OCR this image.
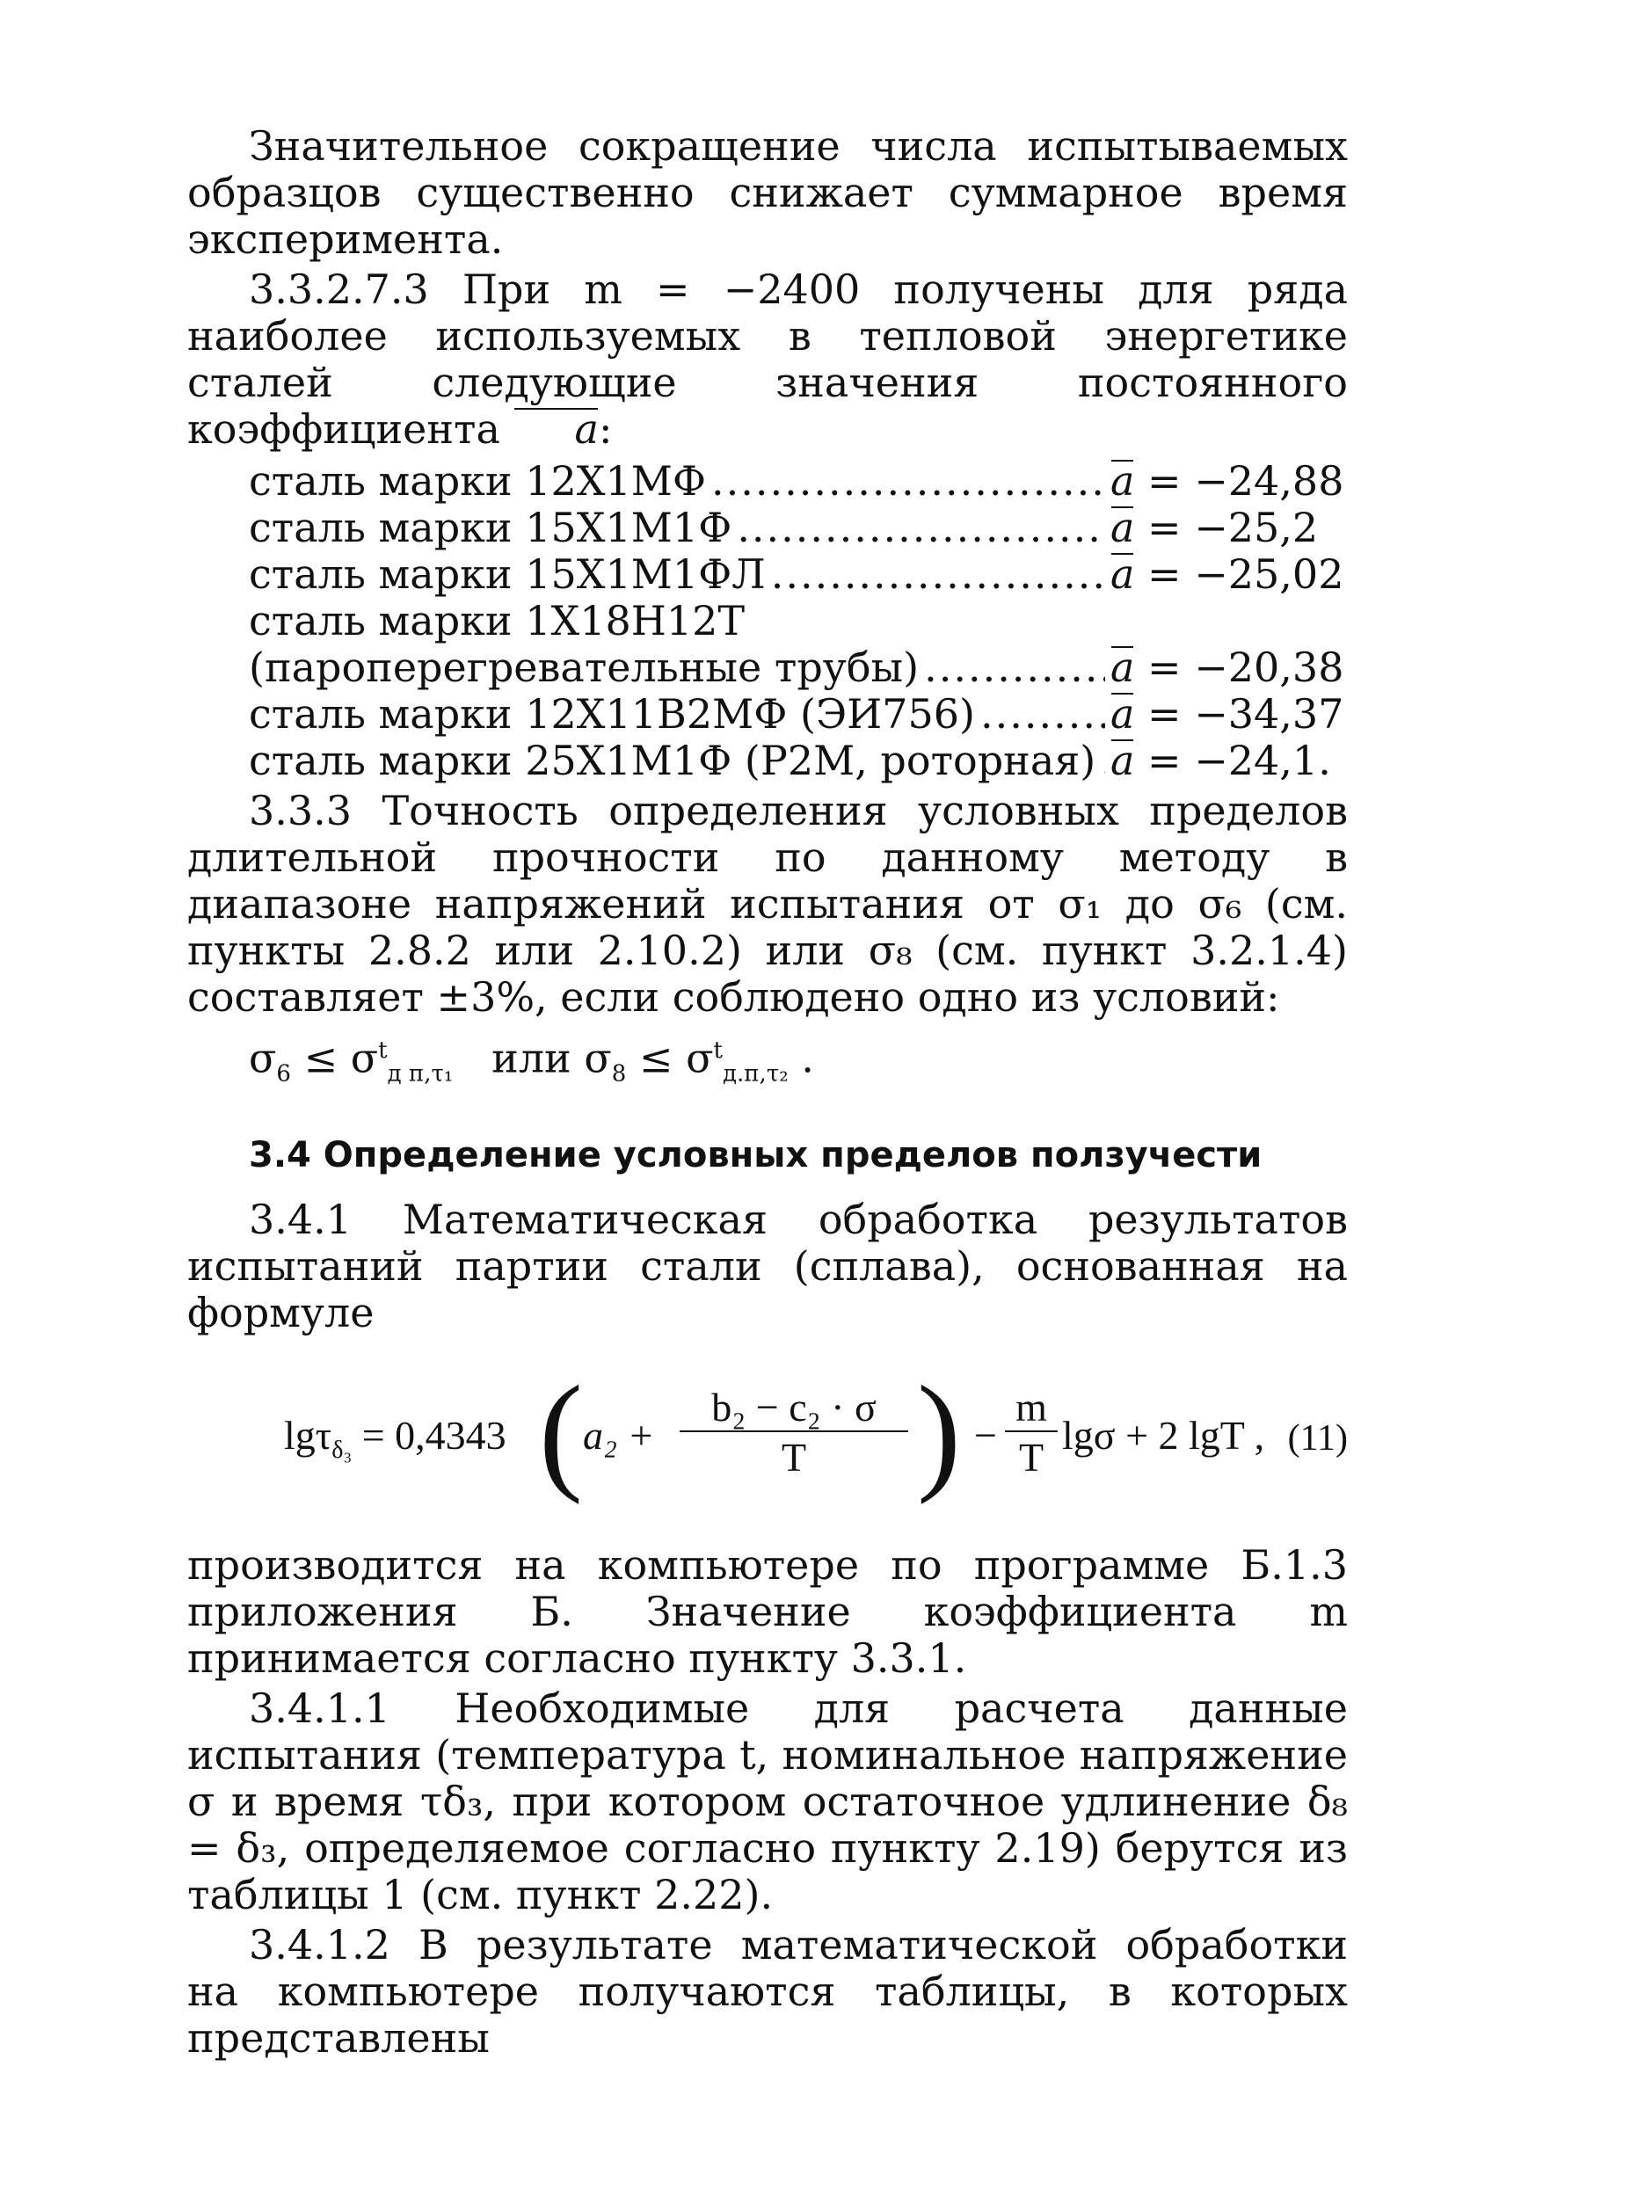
Значительное сокращение числа испытываемых образцов существенно снижает суммарное время эксперимента.

3.3.2.7.3 При m = −2400 получены для ряда наиболее используемых в тепловой энергетике сталей следующие значения постоянного коэффициента a:

сталь марки 12Х1МФ .....	a = −24,88
сталь марки 15Х1М1Ф .....	a = −25,2
сталь марки 15Х1М1ФЛ .....	a = −25,02
сталь марки 1Х18Н12Т
(пароперегревательные трубы) .....	a = −20,38
сталь марки 12Х11В2МФ (ЭИ756) .....	a = −34,37
сталь марки 25Х1М1Ф (Р2М, роторная) ..... a = −24,1.

3.3.3 Точность определения условных пределов длительной прочности по данному методу в диапазоне напряжений испытания от σ₁ до σ₆ (см. пункты 2.8.2 или 2.10.2) или σ₈ (см. пункт 3.2.1.4) составляет ±3%, если соблюдено одно из условий:

$\sigma_6 \le \sigma^t_{д п,\tau_1}$ или $\sigma_8 \le \sigma^t_{д.п,\tau_2}$ .
3.4 Определение условных пределов ползучести

3.4.1 Математическая обработка результатов испытаний партии стали (сплава), основанная на формуле

lgτ$_{\delta_3}$ = 0,4343 ( $a_2 + \frac{\text{b₂ − c₂ · σ}}{T}$ ) − $\frac{m}{T}$ lgσ + 2 lgT , (11)

производится на компьютере по программе Б.1.3 приложения Б. Значение коэффициента m принимается согласно пункту 3.3.1.

3.4.1.1 Необходимые для расчета данные испытания (температура t, номинальное напряжение σ и время τδ₃, при котором остаточное удлинение δ₈ = δ₃, определяемое согласно пункту 2.19) берутся из таблицы 1 (см. пункт 2.22).

3.4.1.2 В результате математической обработки на компьютере получаются таблицы, в которых представлены
